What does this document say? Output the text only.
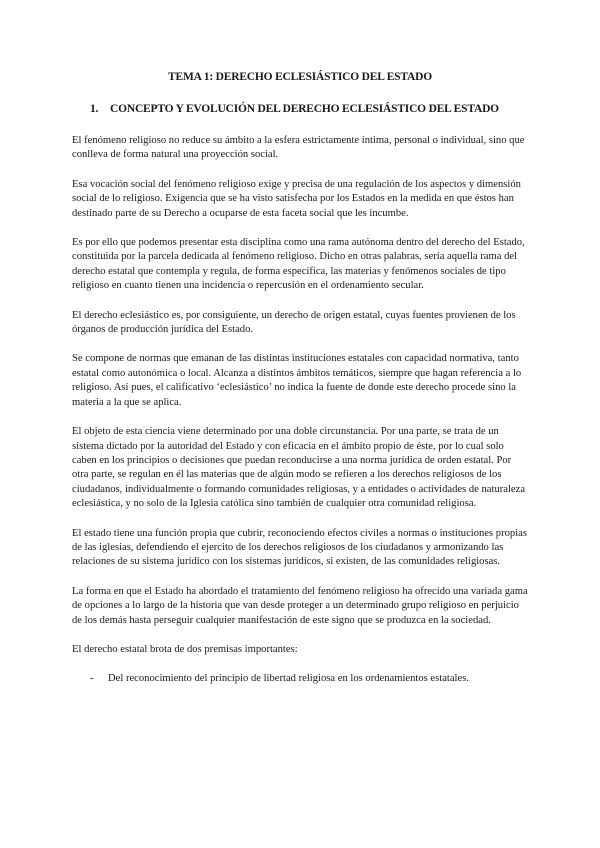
TEMA 1: DERECHO ECLESIÁSTICO DEL ESTADO
1.	CONCEPTO Y EVOLUCIÓN DEL DERECHO ECLESIÁSTICO DEL ESTADO

El fenómeno religioso no reduce su ámbito a la esfera estrictamente íntima, personal o individual, sino que conlleva de forma natural una proyección social.

Esa vocación social del fenómeno religioso exige y precisa de una regulación de los aspectos y dimensión social de lo religioso. Exigencia que se ha visto satisfecha por los Estados en la medida en que éstos han destinado parte de su Derecho a ocuparse de esta faceta social que les incumbe.

Es por ello que podemos presentar esta disciplina como una rama autónoma dentro del derecho del Estado, constituida por la parcela dedicada al fenómeno religioso. Dicho en otras palabras, sería aquella rama del derecho estatal que contempla y regula, de forma específica, las materias y fenómenos sociales de tipo religioso en cuanto tienen una incidencia o repercusión en el ordenamiento secular.

El derecho eclesiástico es, por consiguiente, un derecho de origen estatal, cuyas fuentes provienen de los órganos de producción jurídica del Estado.

Se compone de normas que emanan de las distintas instituciones estatales con capacidad normativa, tanto estatal como autonómica o local. Alcanza a distintos ámbitos temáticos, siempre que hagan referencia a lo religioso. Así pues, el calificativo ‘eclesiástico’ no indica la fuente de donde este derecho procede sino la materia a la que se aplica.

El objeto de esta ciencia viene determinado por una doble circunstancia. Por una parte, se trata de un sistema dictado por la autoridad del Estado y con eficacia en el ámbito propio de éste, por lo cual solo caben en los principios o decisiones que puedan reconducirse a una norma jurídica de orden estatal. Por otra parte, se regulan en él las materias que de algún modo se refieren a los derechos religiosos de los ciudadanos, individualmente o formando comunidades religiosas, y a entidades o actividades de naturaleza eclesiástica, y no solo de la Iglesia católica sino también de cualquier otra comunidad religiosa.

El estado tiene una función propia que cubrir, reconociendo efectos civiles a normas o instituciones propias de las iglesias, defendiendo el ejercito de los derechos religiosos de los ciudadanos y armonizando las relaciones de su sistema jurídico con los sistemas jurídicos, si existen, de las comunidades religiosas.

La forma en que el Estado ha abordado el tratamiento del fenómeno religioso ha ofrecido una variada gama de opciones a lo largo de la historia que van desde proteger a un determinado grupo religioso en perjuicio de los demás hasta perseguir cualquier manifestación de este signo que se produzca en la sociedad.

El derecho estatal brota de dos premisas importantes:

-	Del reconocimiento del principio de libertad religiosa en los ordenamientos estatales.
